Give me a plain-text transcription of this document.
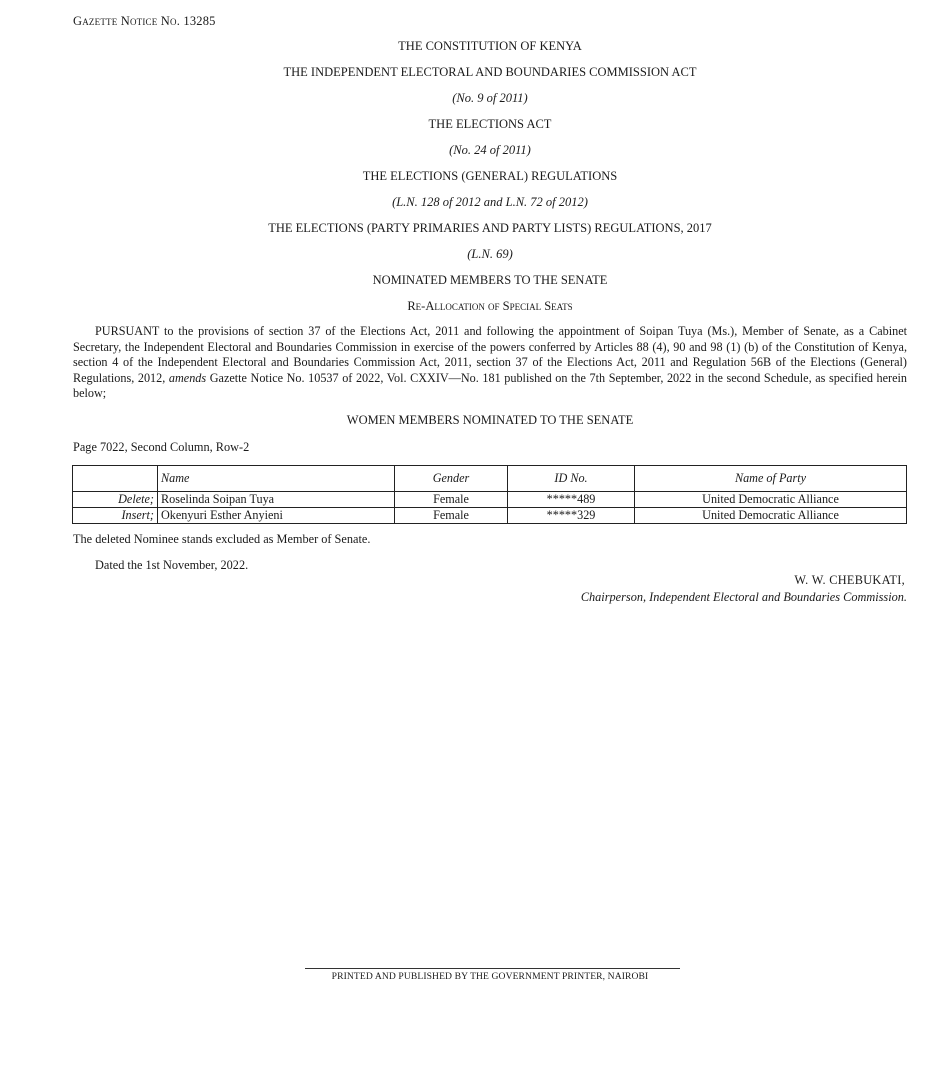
Gazette Notice No. 13285
THE CONSTITUTION OF KENYA
THE INDEPENDENT ELECTORAL AND BOUNDARIES COMMISSION ACT
(No. 9 of 2011)
THE ELECTIONS ACT
(No. 24 of 2011)
THE ELECTIONS (GENERAL) REGULATIONS
(L.N. 128 of 2012 and L.N. 72 of 2012)
THE ELECTIONS (PARTY PRIMARIES AND PARTY LISTS) REGULATIONS, 2017
(L.N. 69)
NOMINATED MEMBERS TO THE SENATE
Re-Allocation of Special Seats
PURSUANT to the provisions of section 37 of the Elections Act, 2011 and following the appointment of Soipan Tuya (Ms.), Member of Senate, as a Cabinet Secretary, the Independent Electoral and Boundaries Commission in exercise of the powers conferred by Articles 88 (4), 90 and 98 (1) (b) of the Constitution of Kenya, section 4 of the Independent Electoral and Boundaries Commission Act, 2011, section 37 of the Elections Act, 2011 and Regulation 56B of the Elections (General) Regulations, 2012, amends Gazette Notice No. 10537 of 2022, Vol. CXXIV—No. 181 published on the 7th September, 2022 in the second Schedule, as specified herein below;
WOMEN MEMBERS NOMINATED TO THE SENATE
Page 7022, Second Column, Row-2
	Name	Gender	ID No.	Name of Party
Delete;	Roselinda Soipan Tuya	Female	*****489	United Democratic Alliance
Insert;	Okenyuri Esther Anyieni	Female	*****329	United Democratic Alliance
The deleted Nominee stands excluded as Member of Senate.
Dated the 1st November, 2022.
W. W. CHEBUKATI,
Chairperson, Independent Electoral and Boundaries Commission.
PRINTED AND PUBLISHED BY THE GOVERNMENT PRINTER, NAIROBI
